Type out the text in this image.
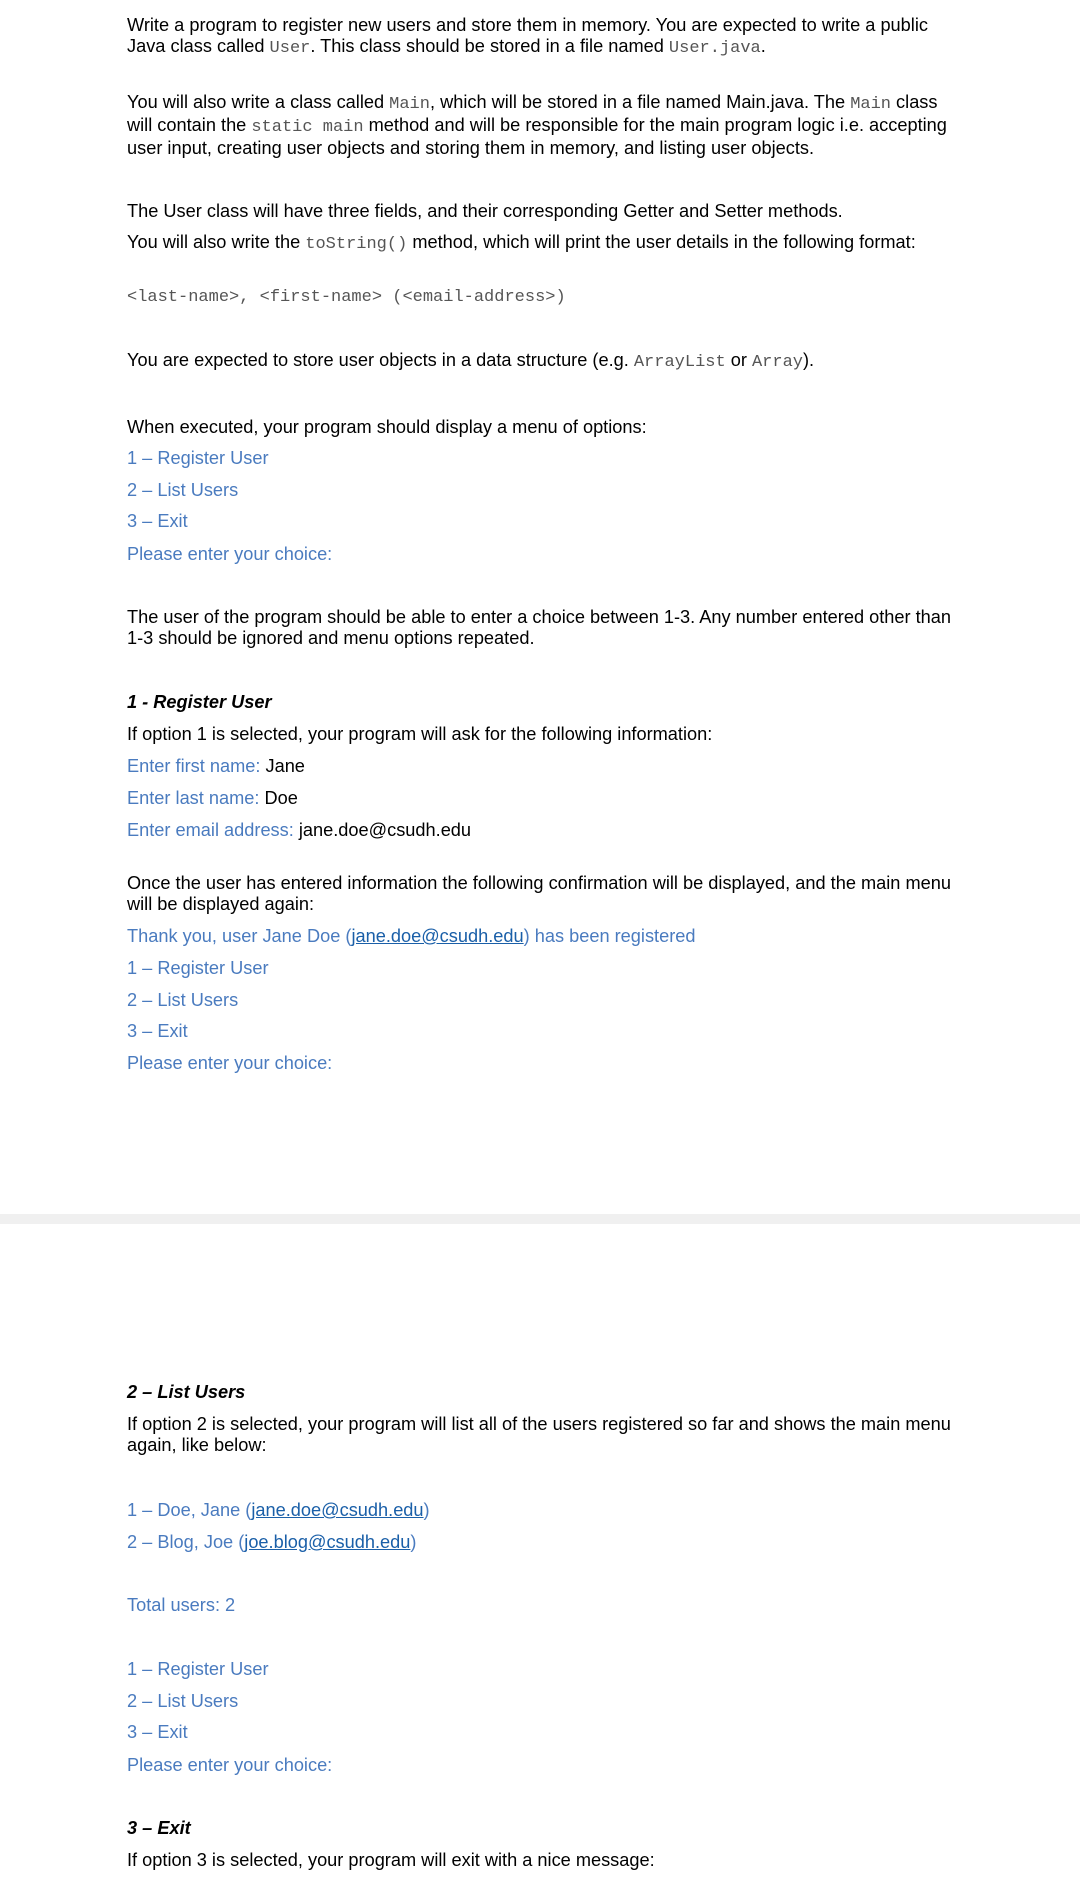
Write a program to register new users and store them in memory. You are expected to write a public Java class called User. This class should be stored in a file named User.java.

You will also write a class called Main, which will be stored in a file named Main.java. The Main class will contain the static main method and will be responsible for the main program logic i.e. accepting user input, creating user objects and storing them in memory, and listing user objects.

The User class will have three fields, and their corresponding Getter and Setter methods.

You will also write the toString() method, which will print the user details in the following format:

<last-name>, <first-name> (<email-address>)

You are expected to store user objects in a data structure (e.g. ArrayList or Array).

When executed, your program should display a menu of options:

1 – Register User

2 – List Users

3 – Exit

Please enter your choice:

The user of the program should be able to enter a choice between 1-3. Any number entered other than 1-3 should be ignored and menu options repeated.

1 - Register User

If option 1 is selected, your program will ask for the following information:

Enter first name: Jane

Enter last name: Doe

Enter email address: jane.doe@csudh.edu

Once the user has entered information the following confirmation will be displayed, and the main menu will be displayed again:

Thank you, user Jane Doe (jane.doe@csudh.edu) has been registered

1 – Register User

2 – List Users

3 – Exit

Please enter your choice:

2 – List Users

If option 2 is selected, your program will list all of the users registered so far and shows the main menu again, like below:

1 – Doe, Jane (jane.doe@csudh.edu)

2 – Blog, Joe (joe.blog@csudh.edu)

Total users: 2

1 – Register User

2 – List Users

3 – Exit

Please enter your choice:

3 – Exit

If option 3 is selected, your program will exit with a nice message:
